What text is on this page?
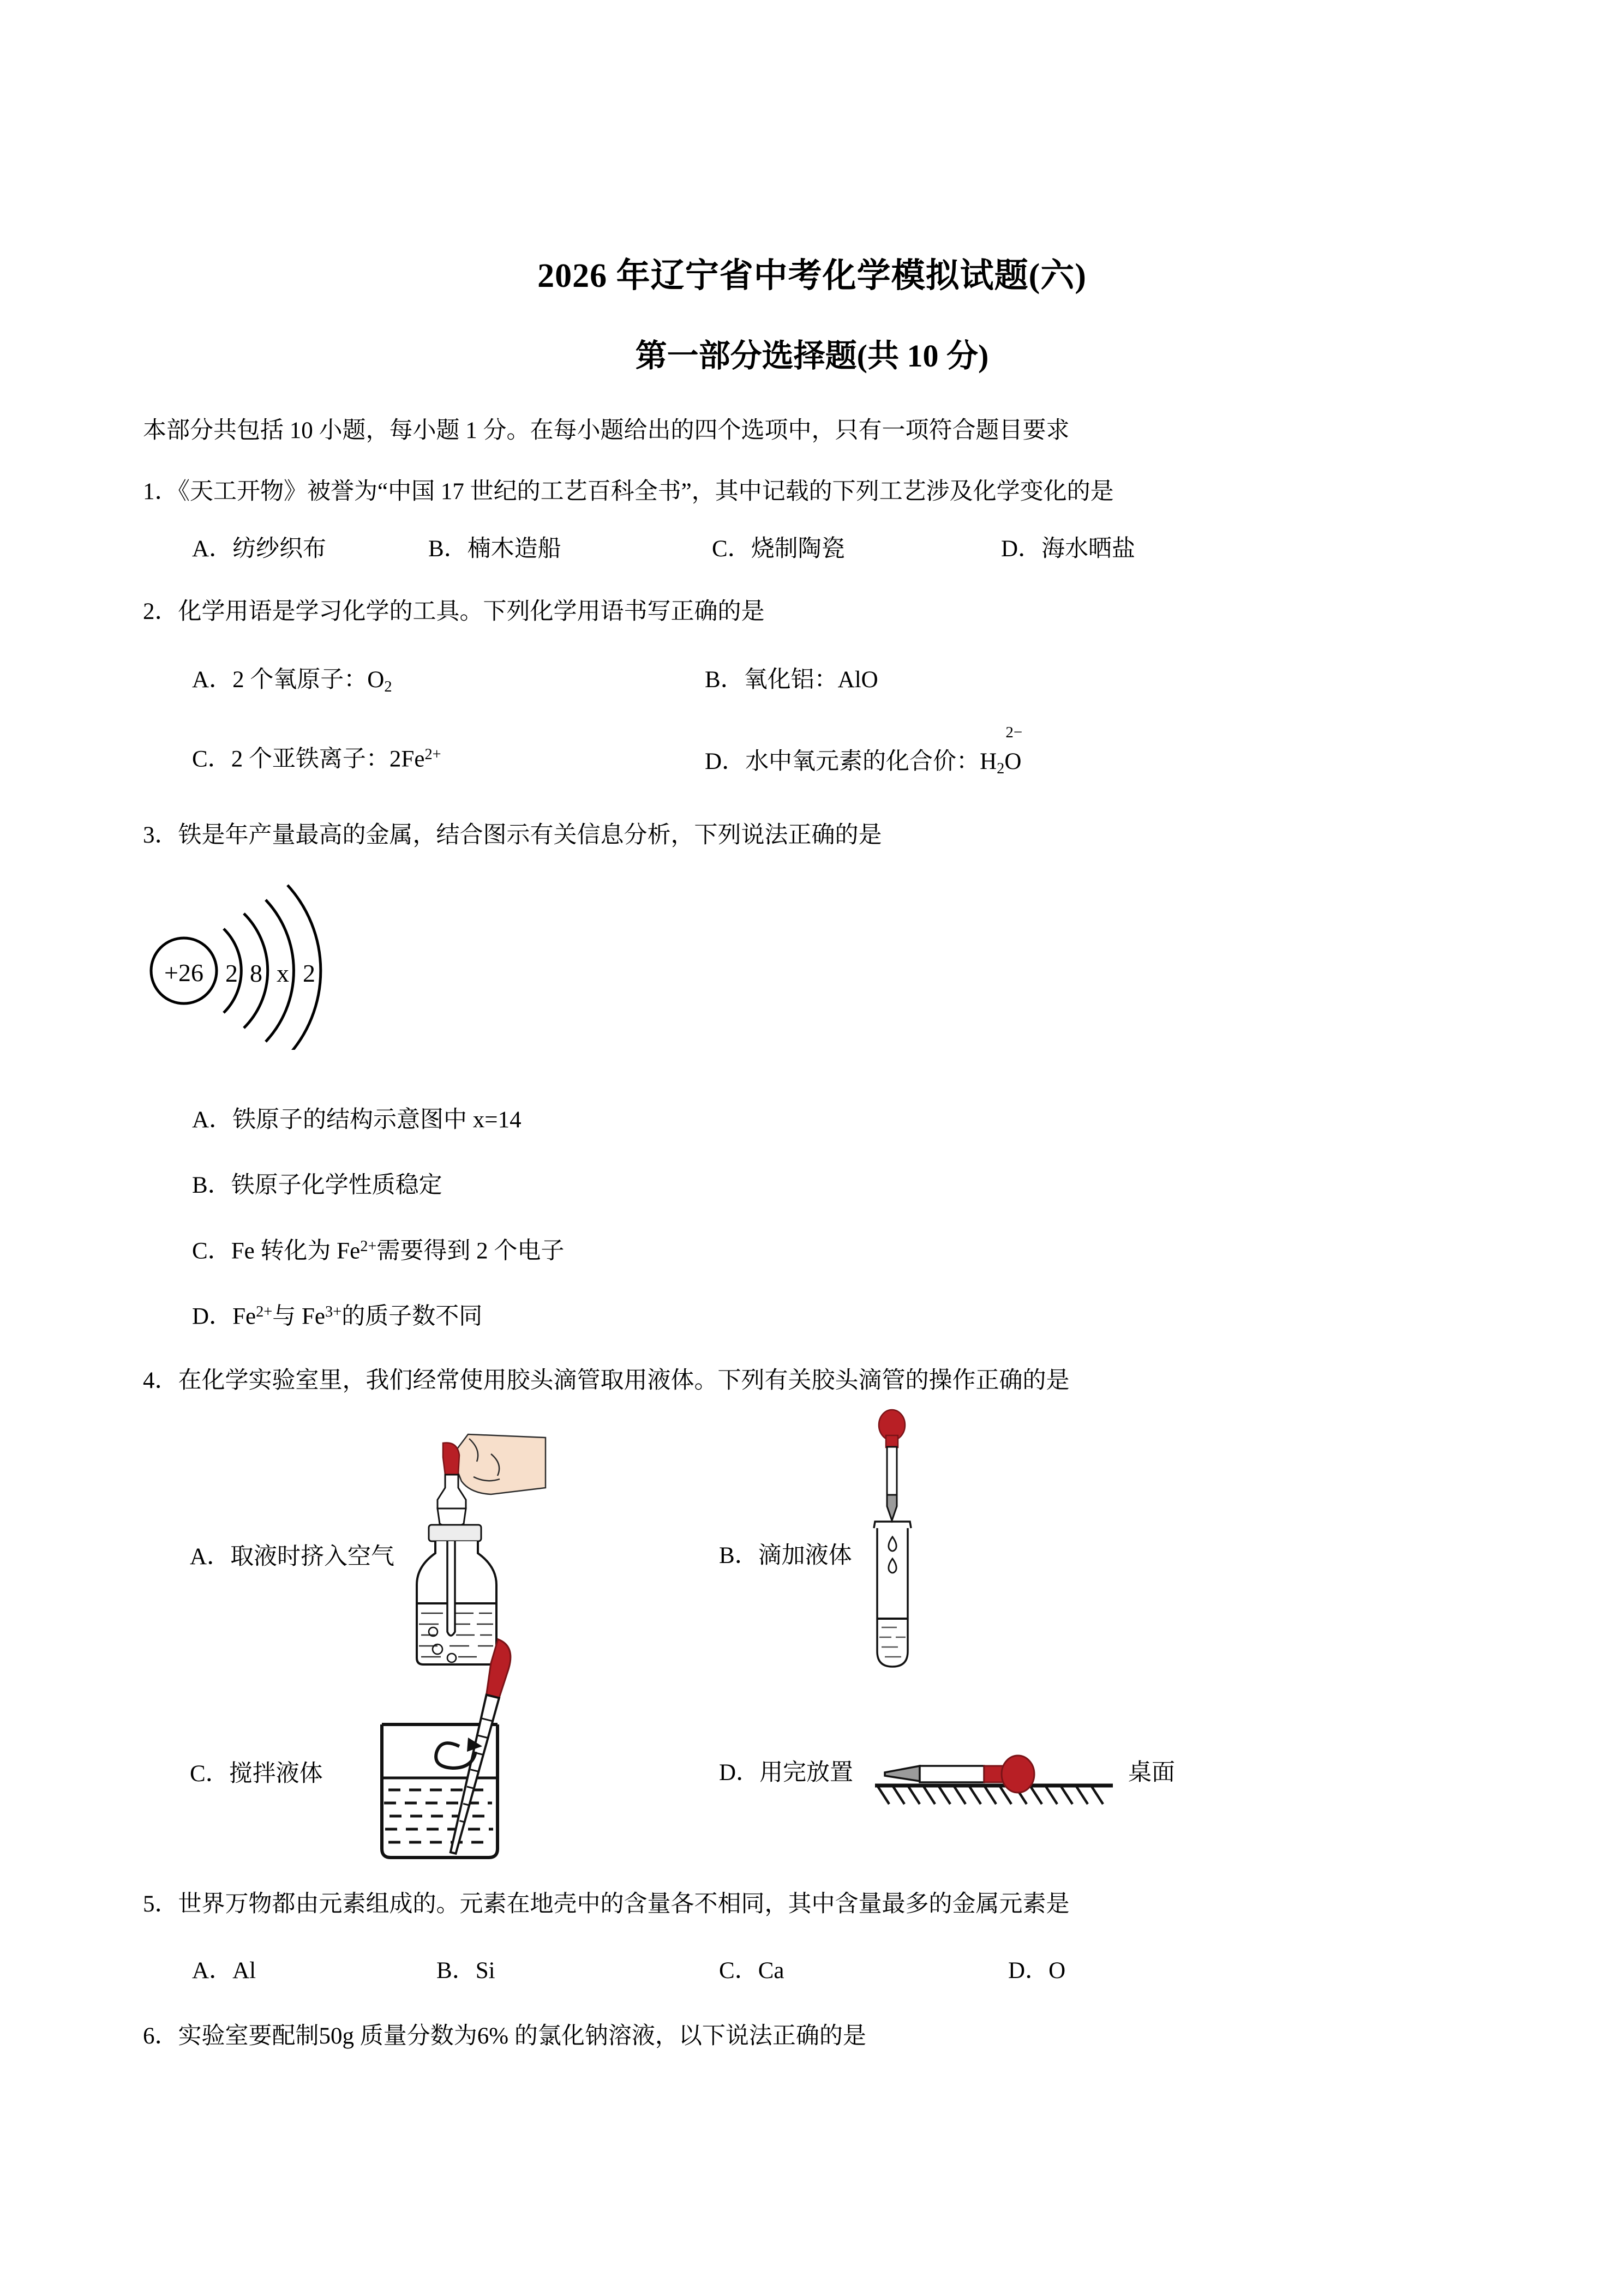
2026 年辽宁省中考化学模拟试题(六)
第一部分选择题(共 10 分)
本部分共包括 10 小题，每小题 1 分。在每小题给出的四个选项中，只有一项符合题目要求
1．《天工开物》被誉为“中国 17 世纪的工艺百科全书”，其中记载的下列工艺涉及化学变化的是
A．纺纱织布	B．楠木造船	C．烧制陶瓷	D．海水晒盐
2．化学用语是学习化学的工具。下列化学用语书写正确的是
A．2 个氧原子：$O_2$	B．氧化铝：AlO
C．2 个亚铁离子：$2Fe^{2+}$	D．水中氧元素的化合价：$H_2O$
2−
3．铁是年产量最高的金属，结合图示有关信息分析，下列说法正确的是
+26 2 8 x 2
A．铁原子的结构示意图中 x=14
B．铁原子化学性质稳定
C．Fe 转化为 $Fe^{2+}$需要得到 2 个电子
D．$Fe^{2+}$与 $Fe^{3+}$的质子数不同
4．在化学实验室里，我们经常使用胶头滴管取用液体。下列有关胶头滴管的操作正确的是
A．取液时挤入空气	B．滴加液体
C．搅拌液体	D．用完放置	桌面
5．世界万物都由元素组成的。元素在地壳中的含量各不相同，其中含量最多的金属元素是
A．Al	B．Si	C．Ca	D．O
6．实验室要配制50g 质量分数为6% 的氯化钠溶液，以下说法正确的是
